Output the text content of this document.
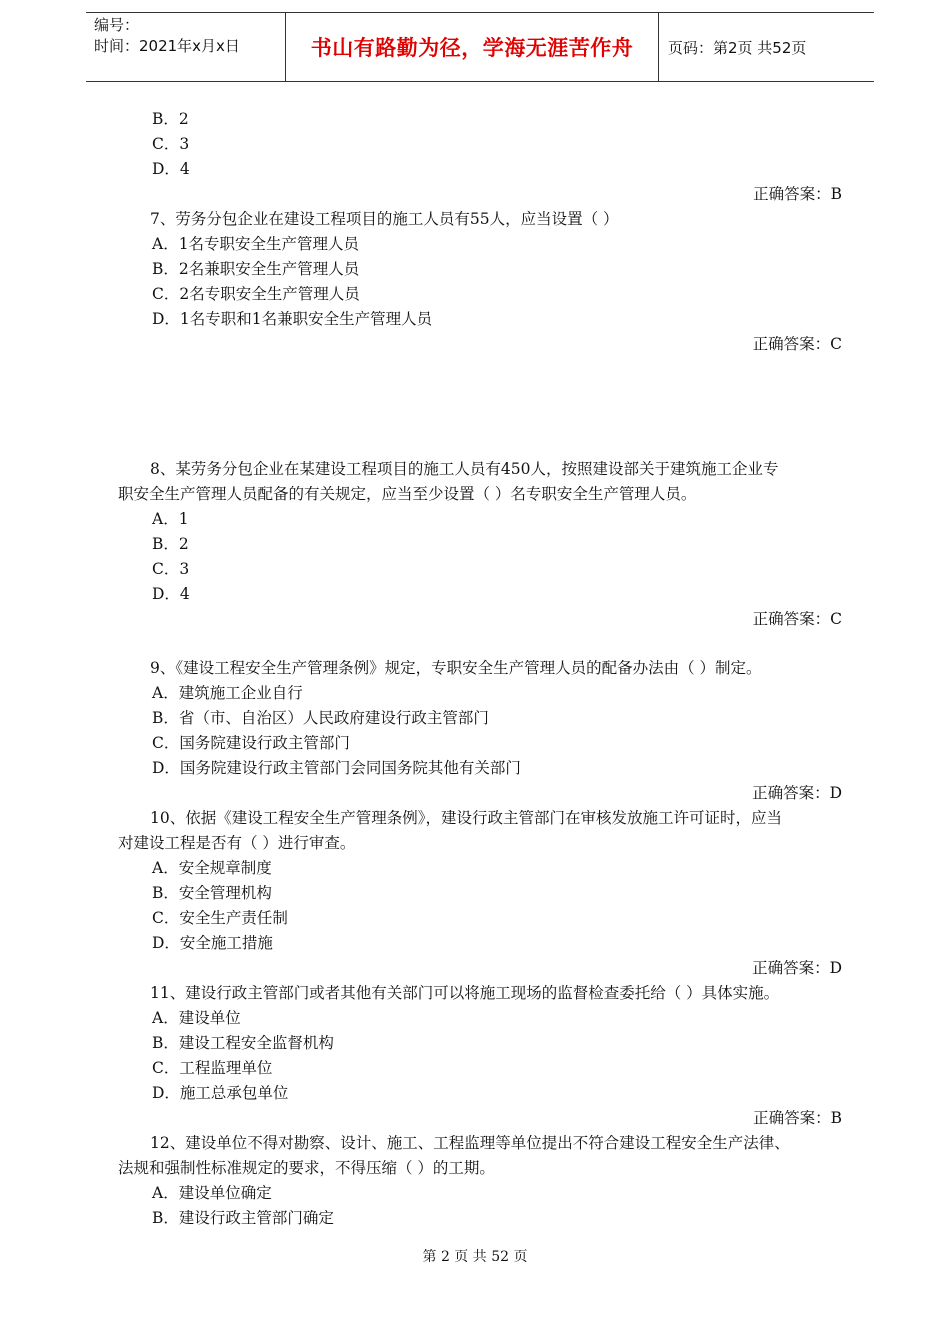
编号：
时间：2021年x月x日	书山有路勤为径，学海无涯苦作舟 页码：第2页 共52页
B．2
C．3
D．4
正确答案：B
7、劳务分包企业在建设工程项目的施工人员有55人，应当设置（ ）
A．1名专职安全生产管理人员
B．2名兼职安全生产管理人员
C．2名专职安全生产管理人员
D．1名专职和1名兼职安全生产管理人员
正确答案：C
8、某劳务分包企业在某建设工程项目的施工人员有450人，按照建设部关于建筑施工企业专
职安全生产管理人员配备的有关规定，应当至少设置（ ）名专职安全生产管理人员。
A．1
B．2
C．3
D．4
正确答案：C
9、《建设工程安全生产管理条例》规定，专职安全生产管理人员的配备办法由（ ）制定。
A．建筑施工企业自行
B．省（市、自治区）人民政府建设行政主管部门
C．国务院建设行政主管部门
D．国务院建设行政主管部门会同国务院其他有关部门
正确答案：D
10、依据《建设工程安全生产管理条例》，建设行政主管部门在审核发放施工许可证时，应当
对建设工程是否有（ ）进行审查。
A．安全规章制度
B．安全管理机构
C．安全生产责任制
D．安全施工措施
正确答案：D
11、建设行政主管部门或者其他有关部门可以将施工现场的监督检查委托给（ ）具体实施。
A．建设单位
B．建设工程安全监督机构
C．工程监理单位
D．施工总承包单位
正确答案：B
12、建设单位不得对勘察、设计、施工、工程监理等单位提出不符合建设工程安全生产法律、
法规和强制性标准规定的要求，不得压缩（ ）的工期。
A．建设单位确定
B．建设行政主管部门确定
第 2 页 共 52 页
